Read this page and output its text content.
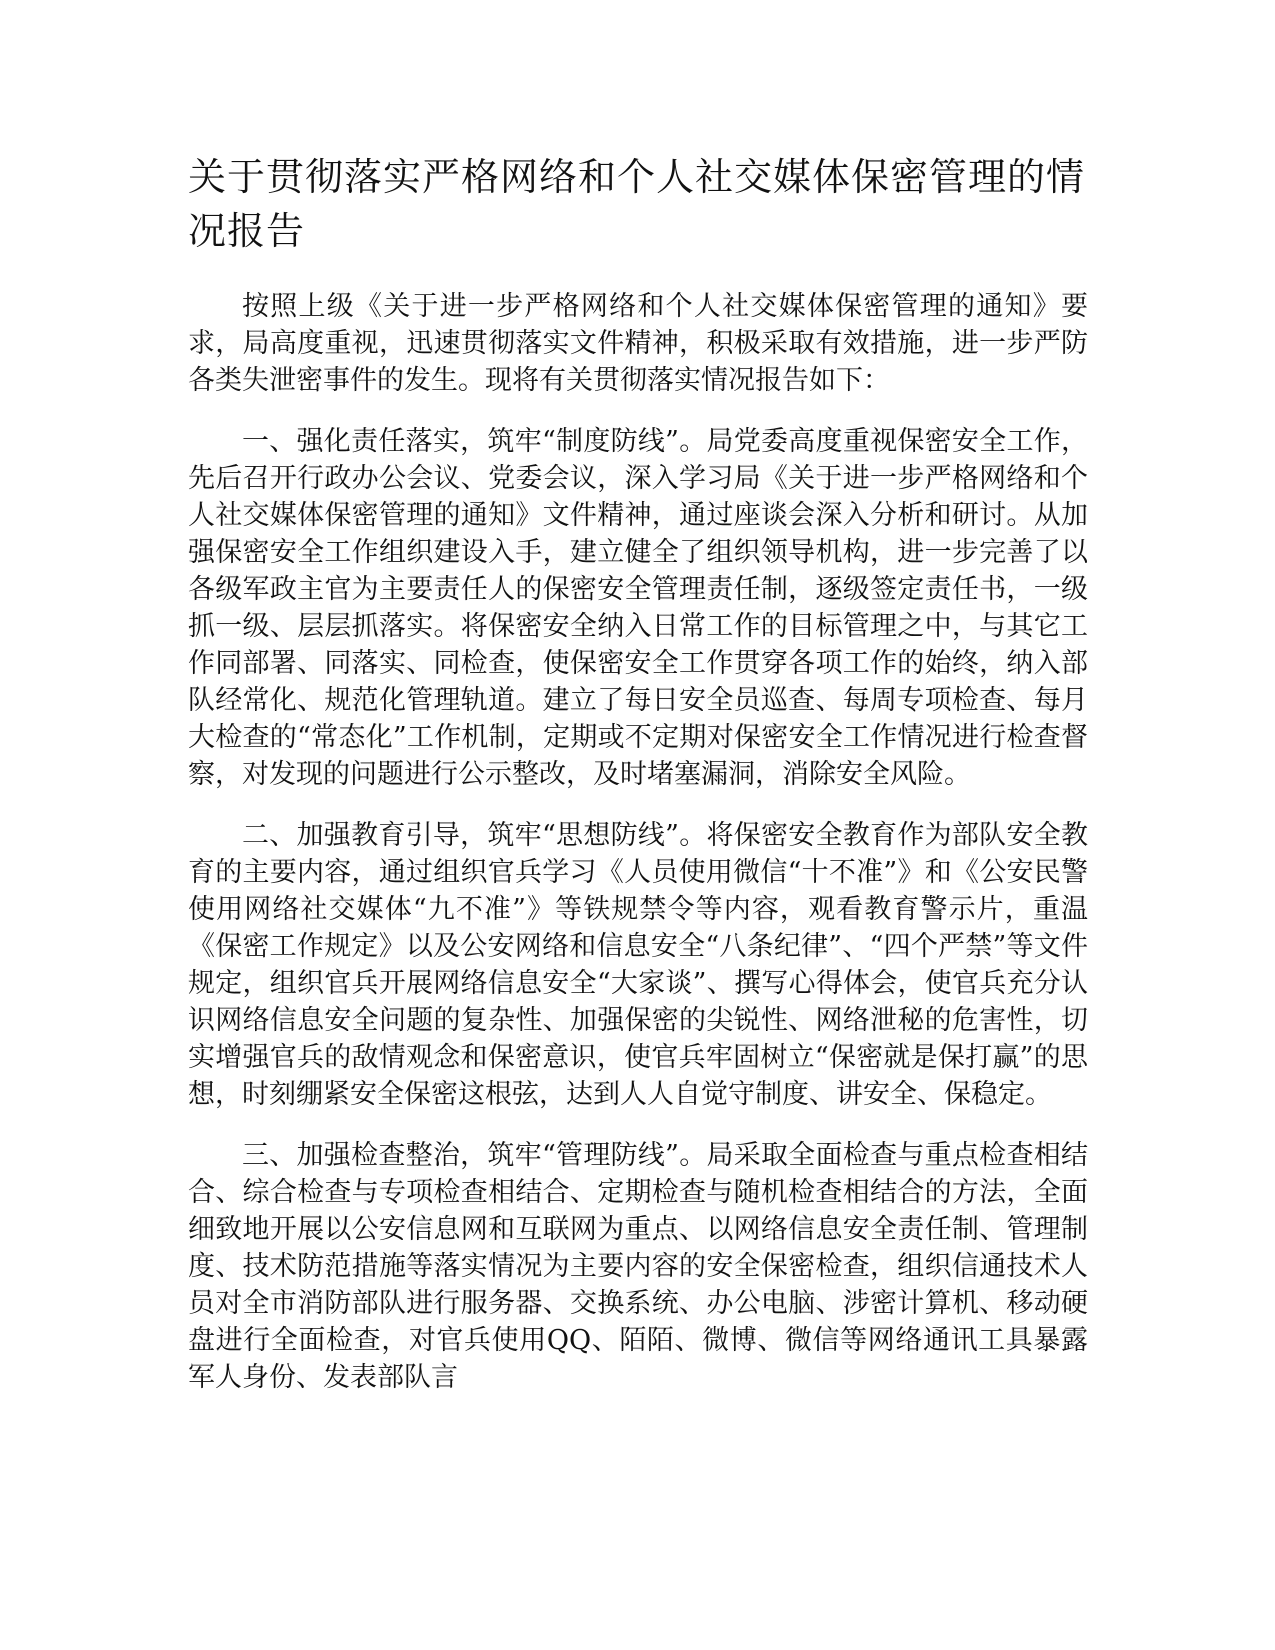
关于贯彻落实严格网络和个人社交媒体保密管理的情况报告

按照上级《关于进一步严格网络和个人社交媒体保密管理的通知》要求，局高度重视，迅速贯彻落实文件精神，积极采取有效措施，进一步严防各类失泄密事件的发生。现将有关贯彻落实情况报告如下：

一、强化责任落实，筑牢“制度防线”。局党委高度重视保密安全工作，先后召开行政办公会议、党委会议，深入学习局《关于进一步严格网络和个人社交媒体保密管理的通知》文件精神，通过座谈会深入分析和研讨。从加强保密安全工作组织建设入手，建立健全了组织领导机构，进一步完善了以各级军政主官为主要责任人的保密安全管理责任制，逐级签定责任书，一级抓一级、层层抓落实。将保密安全纳入日常工作的目标管理之中，与其它工作同部署、同落实、同检查，使保密安全工作贯穿各项工作的始终，纳入部队经常化、规范化管理轨道。建立了每日安全员巡查、每周专项检查、每月大检查的“常态化”工作机制，定期或不定期对保密安全工作情况进行检查督察，对发现的问题进行公示整改，及时堵塞漏洞，消除安全风险。

二、加强教育引导，筑牢“思想防线”。将保密安全教育作为部队安全教育的主要内容，通过组织官兵学习《人员使用微信“十不准”》和《公安民警使用网络社交媒体“九不准”》等铁规禁令等内容，观看教育警示片，重温《保密工作规定》以及公安网络和信息安全“八条纪律”、“四个严禁”等文件规定，组织官兵开展网络信息安全“大家谈”、撰写心得体会，使官兵充分认识网络信息安全问题的复杂性、加强保密的尖锐性、网络泄秘的危害性，切实增强官兵的敌情观念和保密意识，使官兵牢固树立“保密就是保打赢”的思想，时刻绷紧安全保密这根弦，达到人人自觉守制度、讲安全、保稳定。

三、加强检查整治，筑牢“管理防线”。局采取全面检查与重点检查相结合、综合检查与专项检查相结合、定期检查与随机检查相结合的方法，全面细致地开展以公安信息网和互联网为重点、以网络信息安全责任制、管理制度、技术防范措施等落实情况为主要内容的安全保密检查，组织信通技术人员对全市消防部队进行服务器、交换系统、办公电脑、涉密计算机、移动硬盘进行全面检查，对官兵使用QQ、陌陌、微博、微信等网络通讯工具暴露军人身份、发表部队言
